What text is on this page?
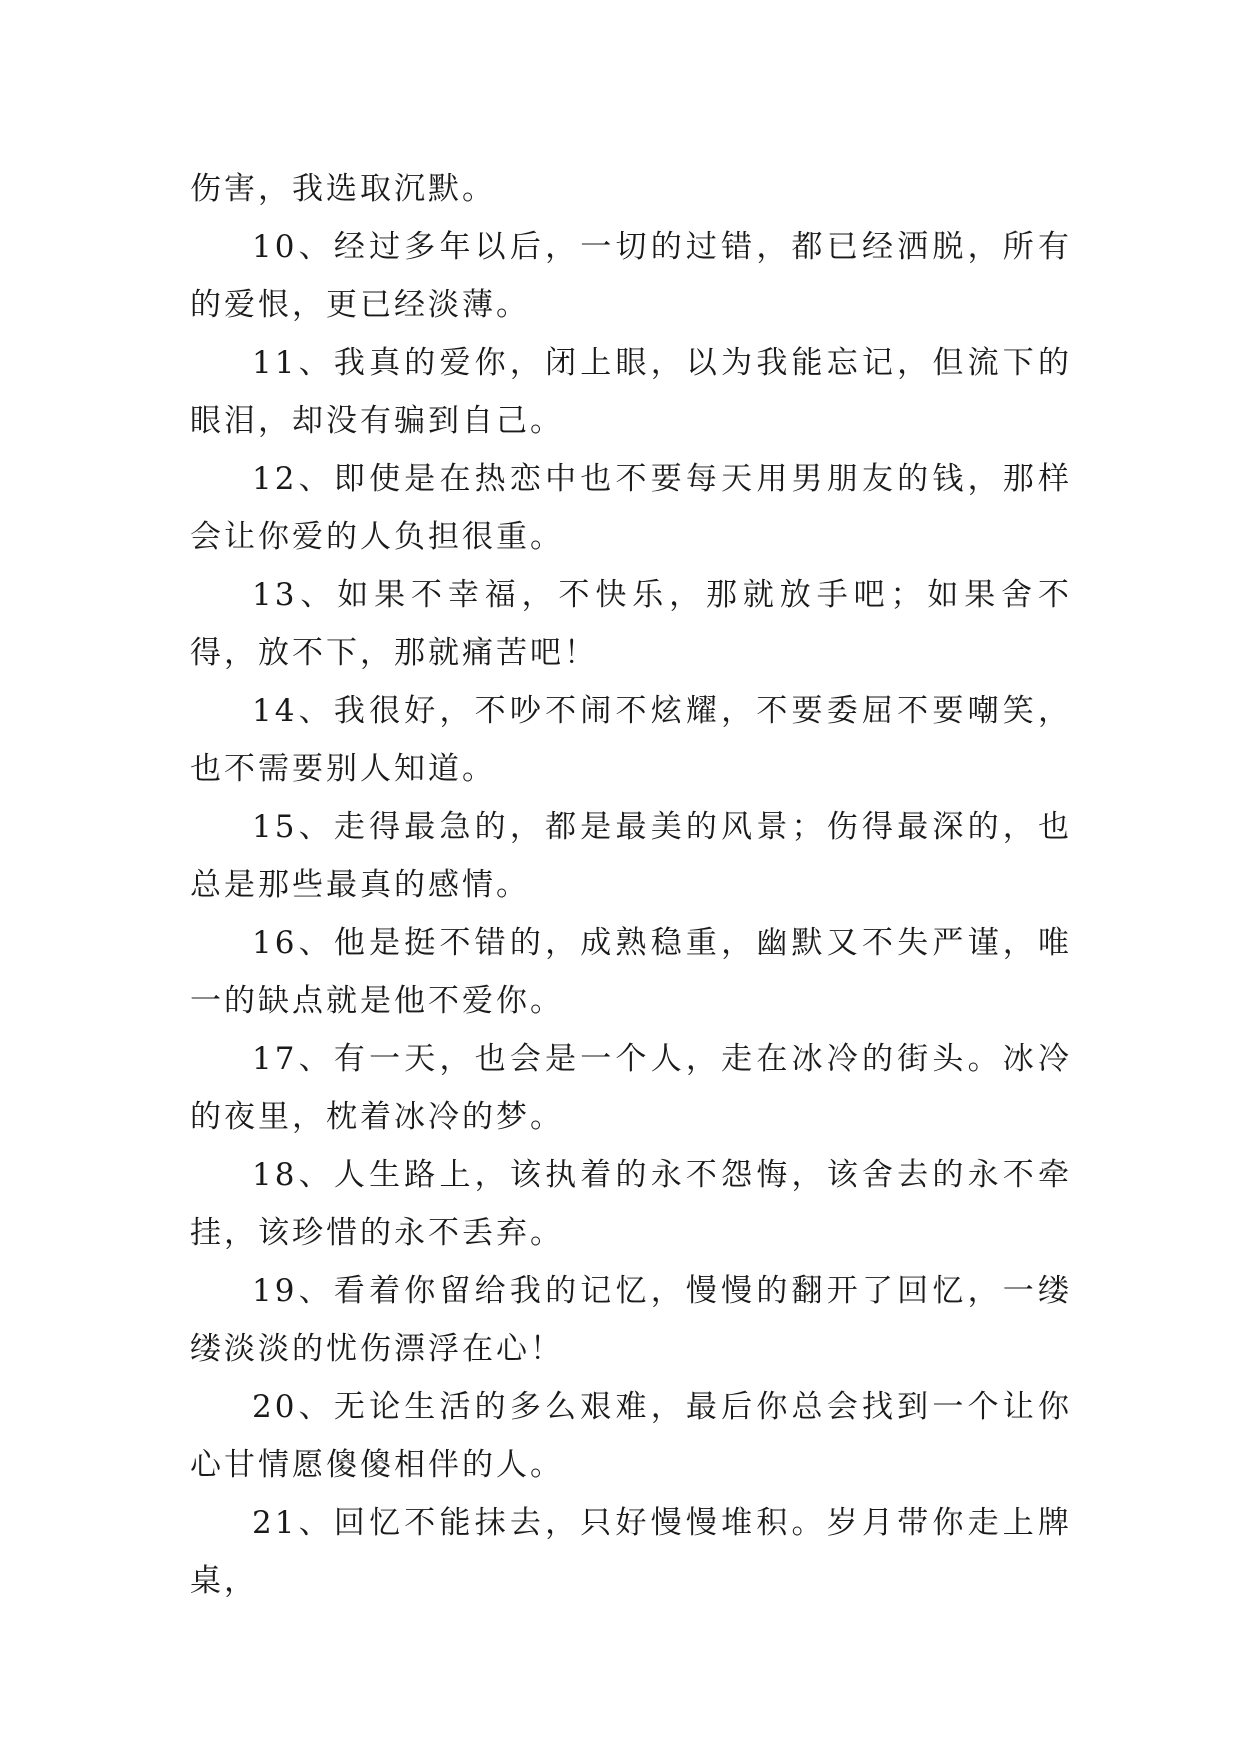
伤害，我选取沉默。

10、经过多年以后，一切的过错，都已经洒脱，所有的爱恨，更已经淡薄。

11、我真的爱你，闭上眼，以为我能忘记，但流下的眼泪，却没有骗到自己。

12、即使是在热恋中也不要每天用男朋友的钱，那样会让你爱的人负担很重。

13、如果不幸福，不快乐，那就放手吧；如果舍不得，放不下，那就痛苦吧！

14、我很好，不吵不闹不炫耀，不要委屈不要嘲笑，也不需要别人知道。

15、走得最急的，都是最美的风景；伤得最深的，也总是那些最真的感情。

16、他是挺不错的，成熟稳重，幽默又不失严谨，唯一的缺点就是他不爱你。

17、有一天，也会是一个人，走在冰冷的街头。冰冷的夜里，枕着冰冷的梦。

18、人生路上，该执着的永不怨悔，该舍去的永不牵挂，该珍惜的永不丢弃。

19、看着你留给我的记忆，慢慢的翻开了回忆，一缕缕淡淡的忧伤漂浮在心！

20、无论生活的多么艰难，最后你总会找到一个让你心甘情愿傻傻相伴的人。

21、回忆不能抹去，只好慢慢堆积。岁月带你走上牌桌，
